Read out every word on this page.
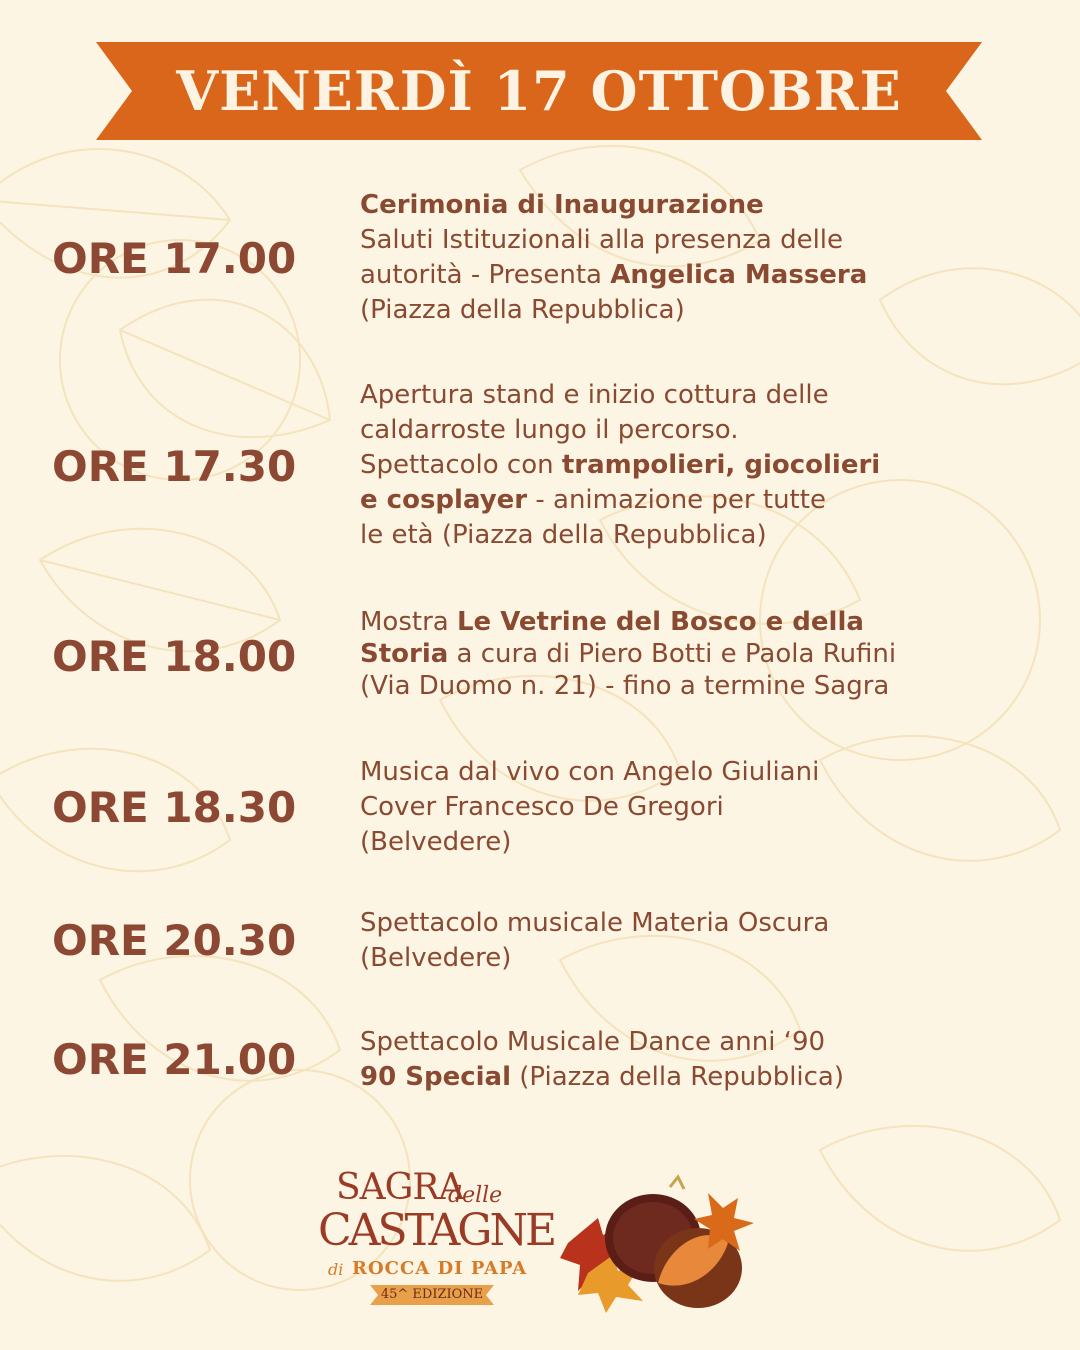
VENERDÌ 17 OTTOBRE
ORE 17.00
Cerimonia di Inaugurazione
Saluti Istituzionali alla presenza delle
autorità - Presenta Angelica Massera
(Piazza della Repubblica)
ORE 17.30
Apertura stand e inizio cottura delle
caldarroste lungo il percorso.
Spettacolo con trampolieri, giocolieri
e cosplayer - animazione per tutte
le età (Piazza della Repubblica)
ORE 18.00
Mostra Le Vetrine del Bosco e della
Storia a cura di Piero Botti e Paola Rufini
(Via Duomo n. 21) - fino a termine Sagra
ORE 18.30
Musica dal vivo con Angelo Giuliani
Cover Francesco De Gregori
(Belvedere)
ORE 20.30 Spettacolo musicale Materia Oscura
(Belvedere)
ORE 21.00 Spettacolo Musicale Dance anni ‘90
90 Special (Piazza della Repubblica)
SAGRA
delle
CASTAGNE
di ROCCA DI PAPA
45^ EDIZIONE
